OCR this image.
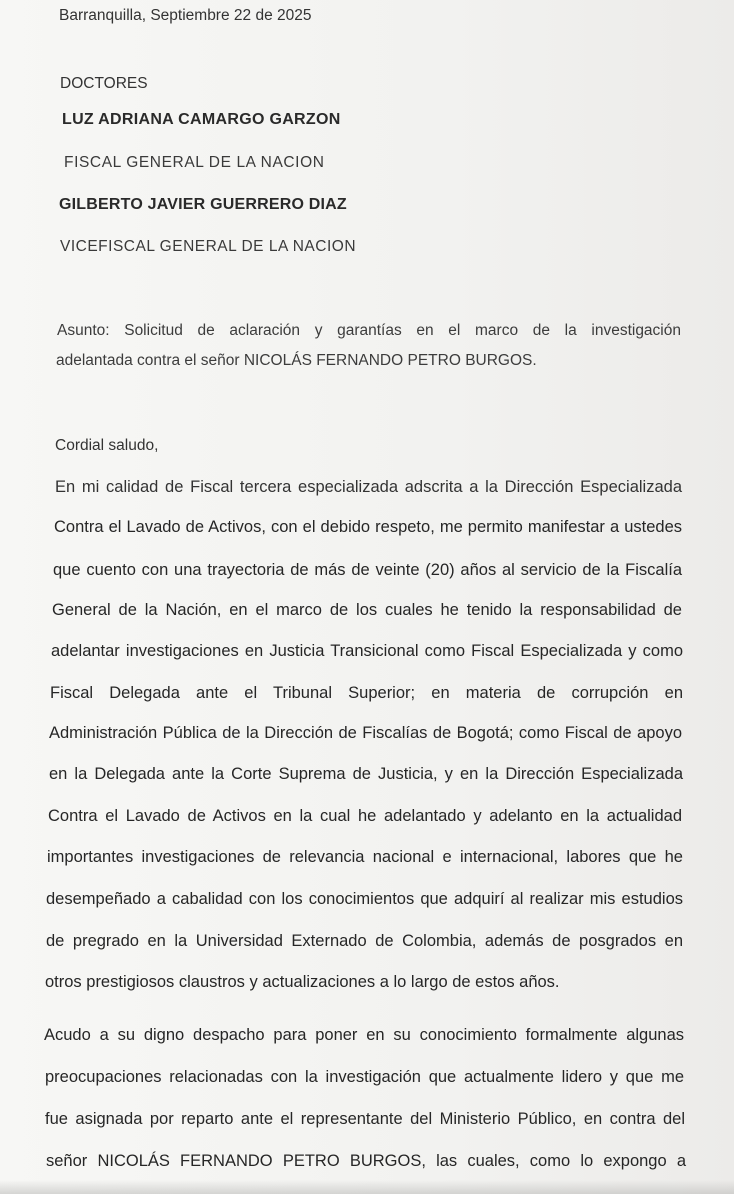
Barranquilla, Septiembre 22 de 2025
DOCTORES
LUZ ADRIANA CAMARGO GARZON
FISCAL GENERAL DE LA NACION
GILBERTO JAVIER GUERRERO DIAZ
VICEFISCAL GENERAL DE LA NACION
Asunto: Solicitud de aclaración y garantías en el marco de la investigación
adelantada contra el señor NICOLÁS FERNANDO PETRO BURGOS.
Cordial saludo,
En mi calidad de Fiscal tercera especializada adscrita a la Dirección Especializada
Contra el Lavado de Activos, con el debido respeto, me permito manifestar a ustedes
que cuento con una trayectoria de más de veinte (20) años al servicio de la Fiscalía
General de la Nación, en el marco de los cuales he tenido la responsabilidad de
adelantar investigaciones en Justicia Transicional como Fiscal Especializada y como
Fiscal Delegada ante el Tribunal Superior; en materia de corrupción en
Administración Pública de la Dirección de Fiscalías de Bogotá; como Fiscal de apoyo
en la Delegada ante la Corte Suprema de Justicia, y en la Dirección Especializada
Contra el Lavado de Activos en la cual he adelantado y adelanto en la actualidad
importantes investigaciones de relevancia nacional e internacional, labores que he
desempeñado a cabalidad con los conocimientos que adquirí al realizar mis estudios
de pregrado en la Universidad Externado de Colombia, además de posgrados en
otros prestigiosos claustros y actualizaciones a lo largo de estos años.
Acudo a su digno despacho para poner en su conocimiento formalmente algunas
preocupaciones relacionadas con la investigación que actualmente lidero y que me
fue asignada por reparto ante el representante del Ministerio Público, en contra del
señor NICOLÁS FERNANDO PETRO BURGOS, las cuales, como lo expongo a
